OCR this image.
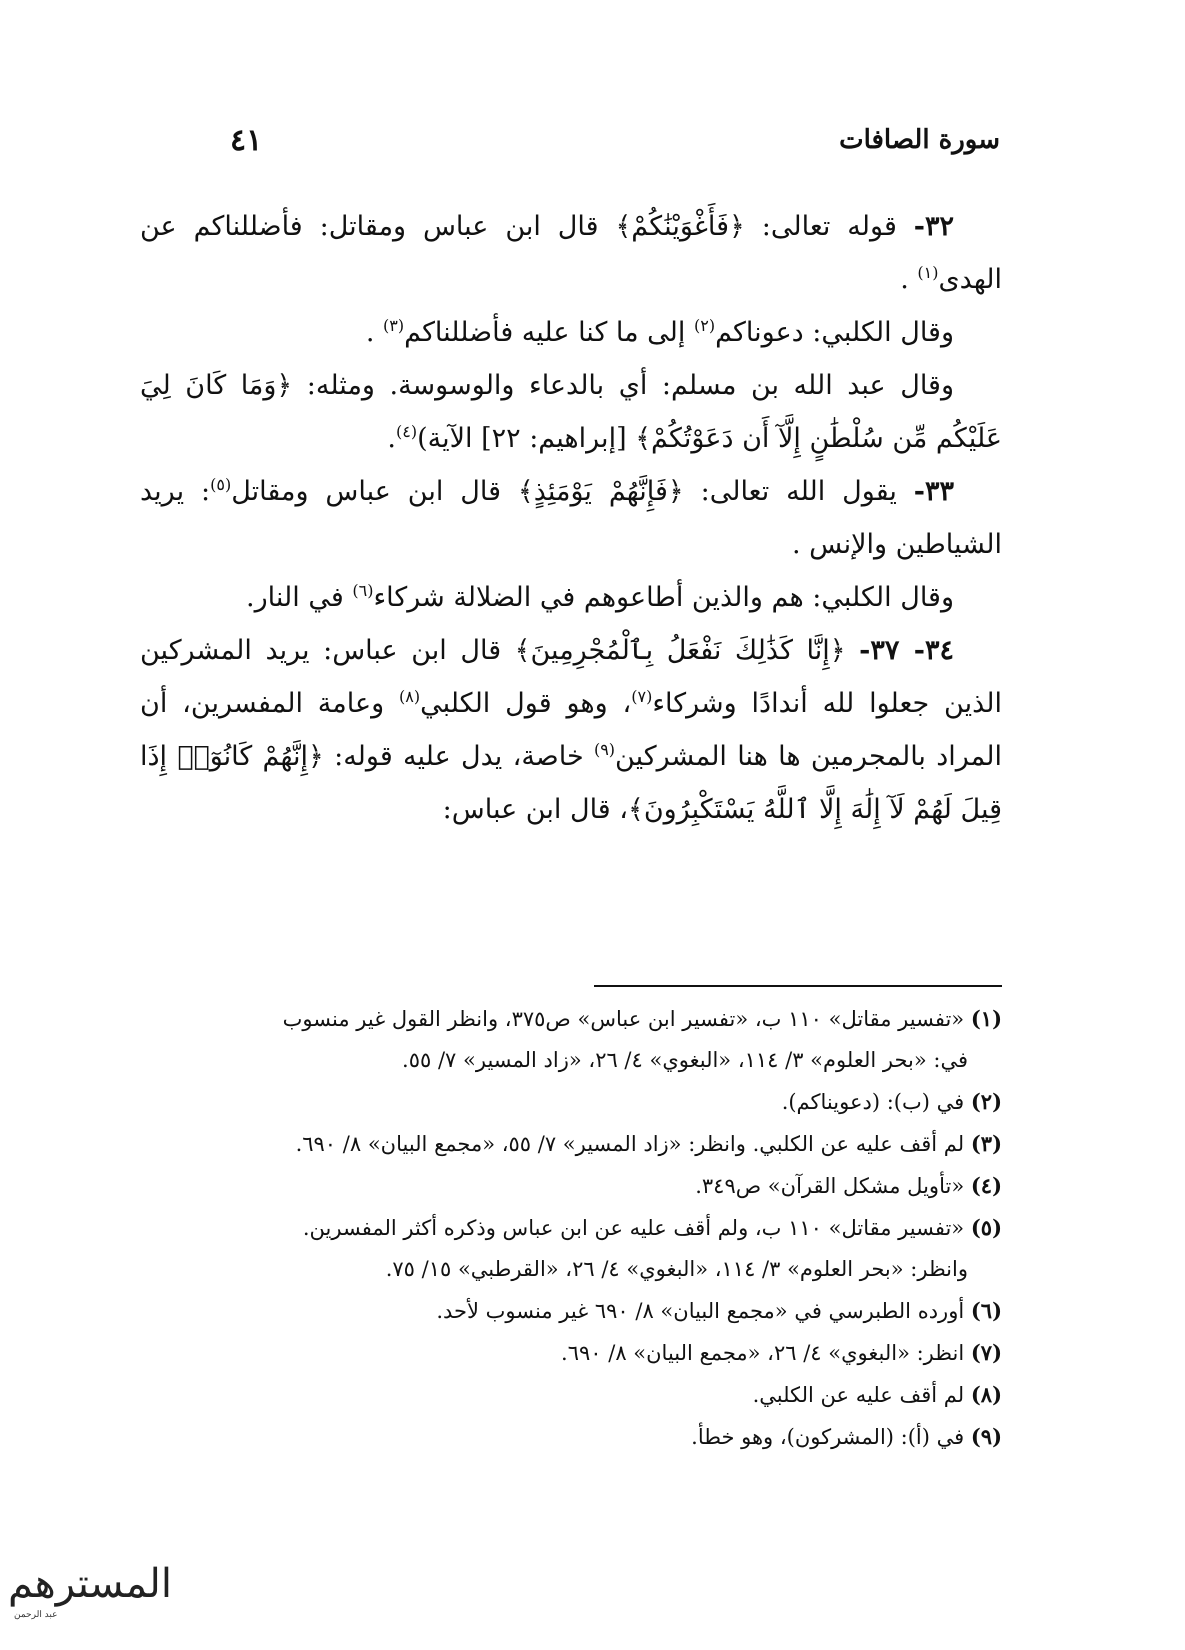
سورة الصافات
٤١

٣٢- قوله تعالى: ﴿فَأَغْوَيْنَٰكُمْ﴾ قال ابن عباس ومقاتل: فأضللناكم عن الهدى$^{(١)}$ .

وقال الكلبي: دعوناكم$^{(٢)}$ إلى ما كنا عليه فأضللناكم$^{(٣)}$ .

وقال عبد الله بن مسلم: أي بالدعاء والوسوسة. ومثله: ﴿وَمَا كَانَ لِيَ عَلَيْكُم مِّن سُلْطَٰنٍ إِلَّآ أَن دَعَوْتُكُمْ﴾ [إبراهيم: ٢٢] الآية)$^{(٤)}$.

٣٣- يقول الله تعالى: ﴿فَإِنَّهُمْ يَوْمَئِذٍ﴾ قال ابن عباس ومقاتل$^{(٥)}$: يريد الشياطين والإنس .

وقال الكلبي: هم والذين أطاعوهم في الضلالة شركاء$^{(٦)}$ في النار.

٣٤- ٣٧- ﴿إِنَّا كَذَٰلِكَ نَفْعَلُ بِٱلْمُجْرِمِينَ﴾ قال ابن عباس: يريد المشركين الذين جعلوا لله أندادًا وشركاء$^{(٧)}$، وهو قول الكلبي$^{(٨)}$ وعامة المفسرين، أن المراد بالمجرمين ها هنا المشركين$^{(٩)}$ خاصة، يدل عليه قوله: ﴿إِنَّهُمْ كَانُوٓا۟ إِذَا قِيلَ لَهُمْ لَآ إِلَٰهَ إِلَّا ٱللَّهُ يَسْتَكْبِرُونَ﴾، قال ابن عباس:

(١) «تفسير مقاتل» ١١٠ ب، «تفسير ابن عباس» ص٣٧٥، وانظر القول غير منسوب

في: «بحر العلوم» ٣/ ١١٤، «البغوي» ٤/ ٢٦، «زاد المسير» ٧/ ٥٥.

(٢) في (ب): (دعويناكم).

(٣) لم أقف عليه عن الكلبي. وانظر: «زاد المسير» ٧/ ٥٥، «مجمع البيان» ٨/ ٦٩٠.

(٤) «تأويل مشكل القرآن» ص٣٤٩.

(٥) «تفسير مقاتل» ١١٠ ب، ولم أقف عليه عن ابن عباس وذكره أكثر المفسرين.

وانظر: «بحر العلوم» ٣/ ١١٤، «البغوي» ٤/ ٢٦، «القرطبي» ١٥/ ٧٥.

(٦) أورده الطبرسي في «مجمع البيان» ٨/ ٦٩٠ غير منسوب لأحد.

(٧) انظر: «البغوي» ٤/ ٢٦، «مجمع البيان» ٨/ ٦٩٠.

(٨) لم أقف عليه عن الكلبي.

(٩) في (أ): (المشركون)، وهو خطأ.

المسترهم
عبد الرحمن
